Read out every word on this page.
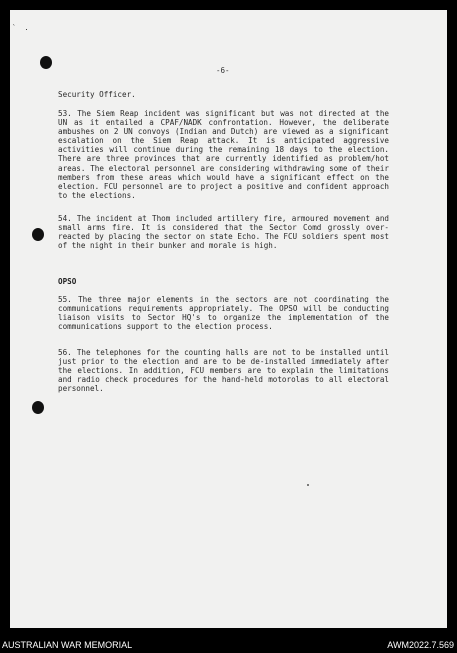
` .
-6-
Security Officer.

53. The Siem Reap incident was significant but was not directed at the UN as it entailed a CPAF/NADK confrontation. However, the deliberate ambushes on 2 UN convoys (Indian and Dutch) are viewed as a significant escalation on the Siem Reap attack. It is anticipated aggressive activities will continue during the remaining 18 days to the election. There are three provinces that are currently identified as problem/hot areas. The electoral personnel are considering withdrawing some of their members from these areas which would have a significant effect on the election. FCU personnel are to project a positive and confident approach to the elections.

54. The incident at Thom included artillery fire, armoured movement and small arms fire. It is considered that the Sector Comd grossly over-reacted by placing the sector on state Echo. The FCU soldiers spent most of the night in their bunker and morale is high.

OPSO

55. The three major elements in the sectors are not coordinating the communications requirements appropriately. The OPSO will be conducting liaison visits to Sector HQ's to organize the implementation of the communications support to the election process.

56. The telephones for the counting halls are not to be installed until just prior to the election and are to be de-installed immediately after the elections. In addition, FCU members are to explain the limitations and radio check procedures for the hand-held motorolas to all electoral personnel.

AUSTRALIAN WAR MEMORIAL	AWM2022.7.569
